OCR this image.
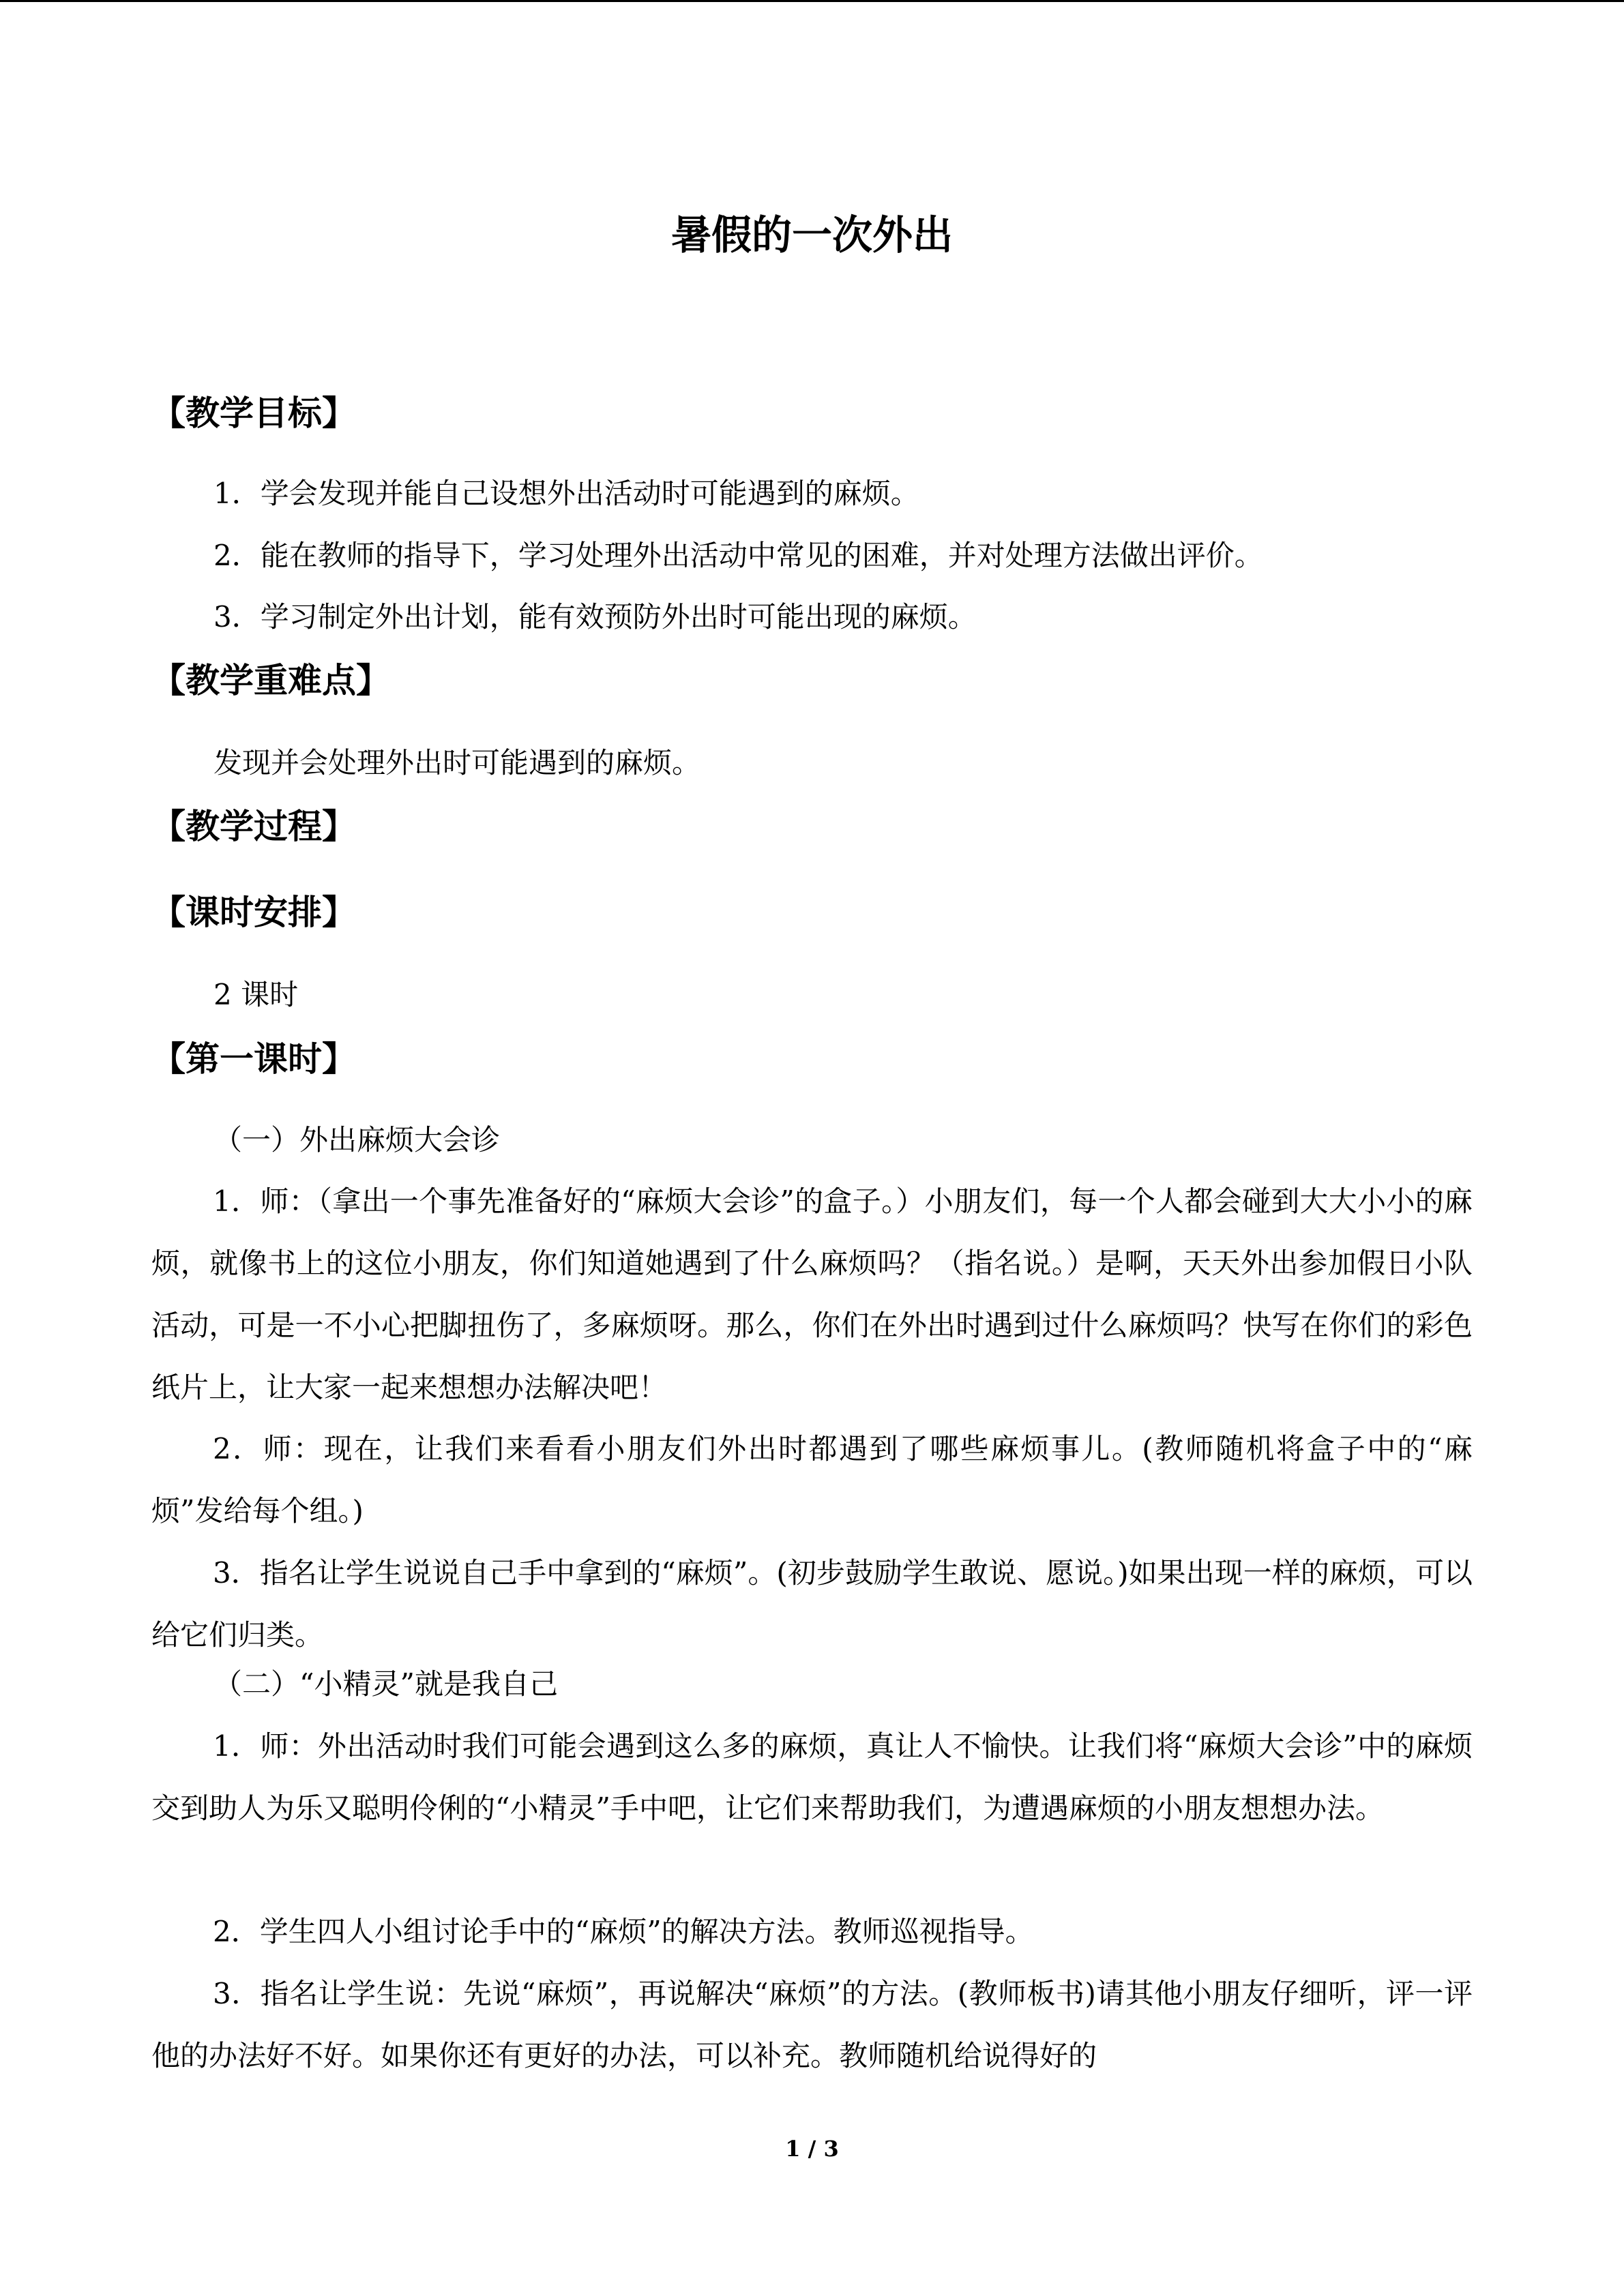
暑假的一次外出
【教学目标】
1．学会发现并能自己设想外出活动时可能遇到的麻烦。
2．能在教师的指导下，学习处理外出活动中常见的困难，并对处理方法做出评价。
3．学习制定外出计划，能有效预防外出时可能出现的麻烦。
【教学重难点】
发现并会处理外出时可能遇到的麻烦。
【教学过程】
【课时安排】
2 课时
【第一课时】
（一）外出麻烦大会诊
1．师：（拿出一个事先准备好的“麻烦大会诊”的盒子。）小朋友们，每一个人都会碰到大大小小的麻烦，就像书上的这位小朋友，你们知道她遇到了什么麻烦吗？（指名说。）是啊，天天外出参加假日小队活动，可是一不小心把脚扭伤了，多麻烦呀。那么，你们在外出时遇到过什么麻烦吗？快写在你们的彩色纸片上，让大家一起来想想办法解决吧！
2．师：现在，让我们来看看小朋友们外出时都遇到了哪些麻烦事儿。(教师随机将盒子中的“麻烦”发给每个组。)
3．指名让学生说说自己手中拿到的“麻烦”。(初步鼓励学生敢说、愿说。)如果出现一样的麻烦，可以给它们归类。
（二）“小精灵”就是我自己
1．师：外出活动时我们可能会遇到这么多的麻烦，真让人不愉快。让我们将“麻烦大会诊”中的麻烦交到助人为乐又聪明伶俐的“小精灵”手中吧，让它们来帮助我们，为遭遇麻烦的小朋友想想办法。
2．学生四人小组讨论手中的“麻烦”的解决方法。教师巡视指导。
3．指名让学生说：先说“麻烦”，再说解决“麻烦”的方法。(教师板书)请其他小朋友仔细听，评一评他的办法好不好。如果你还有更好的办法，可以补充。教师随机给说得好的
1 / 3
